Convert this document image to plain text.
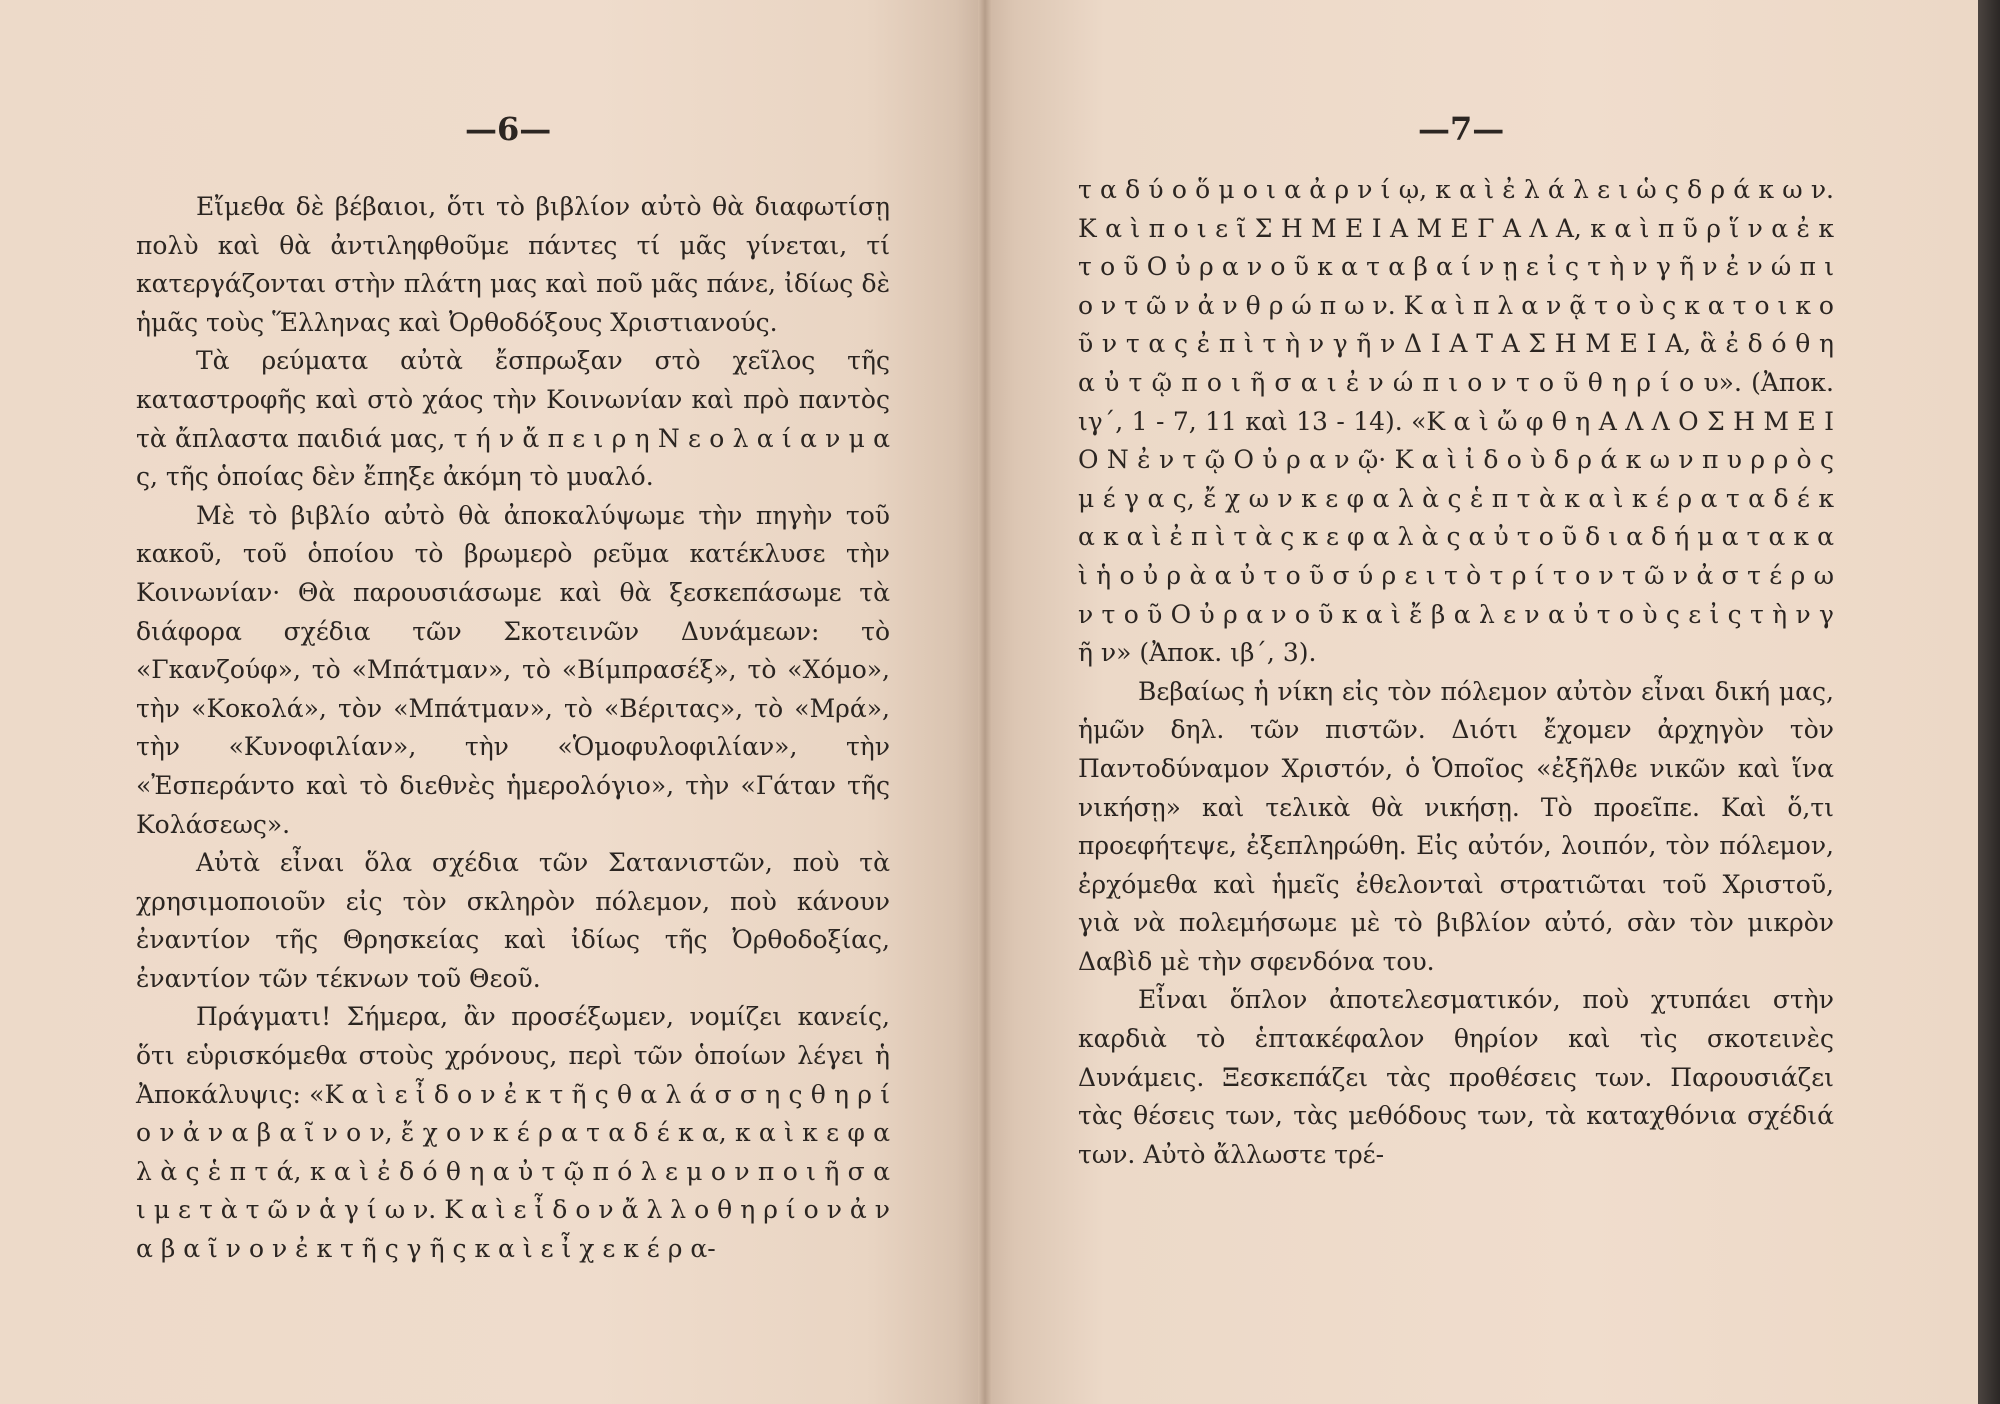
—6—

Εἴμεθα δὲ βέβαιοι, ὅτι τὸ βιβλίον αὐτὸ θὰ διαφωτίσῃ πολὺ καὶ θὰ ἀντιληφθοῦμε πάντες τί μᾶς γίνεται, τί κατεργάζονται στὴν πλάτη μας καὶ ποῦ μᾶς πάνε, ἰδίως δὲ ἡμᾶς τοὺς Ἕλληνας καὶ Ὀρθοδόξους Χριστιανούς.

Τὰ ρεύματα αὐτὰ ἔσπρωξαν στὸ χεῖλος τῆς καταστροφῆς καὶ στὸ χάος τὴν Κοινωνίαν καὶ πρὸ παντὸς τὰ ἄπλαστα παιδιά μας, τ ή ν ἄ π ε ι ρ η Ν ε ο λ α ί α ν μ α ς, τῆς ὁποίας δὲν ἔπηξε ἀκόμη τὸ μυαλό.

Μὲ τὸ βιβλίο αὐτὸ θὰ ἀποκαλύψωμε τὴν πηγὴν τοῦ κακοῦ, τοῦ ὁποίου τὸ βρωμερὸ ρεῦμα κατέκλυσε τὴν Κοινωνίαν· Θὰ παρουσιάσωμε καὶ θὰ ξεσκεπάσωμε τὰ διάφορα σχέδια τῶν Σκοτεινῶν Δυνάμεων: τὸ «Γκανζούφ», τὸ «Μπάτμαν», τὸ «Βίμπρασέξ», τὸ «Χόμο», τὴν «Κοκολά», τὸν «Μπάτμαν», τὸ «Βέριτας», τὸ «Μρά», τὴν «Κυνοφιλίαν», τὴν «Ὁμοφυλοφιλίαν», τὴν «Ἐσπεράντο καὶ τὸ διεθνὲς ἡμερολόγιο», τὴν «Γάταν τῆς Κολάσεως».

Αὐτὰ εἶναι ὅλα σχέδια τῶν Σατανιστῶν, ποὺ τὰ χρησιμοποιοῦν εἰς τὸν σκληρὸν πόλεμον, ποὺ κάνουν ἐναντίον τῆς Θρησκείας καὶ ἰδίως τῆς Ὀρθοδοξίας, ἐναντίον τῶν τέκνων τοῦ Θεοῦ.

Πράγματι! Σήμερα, ἂν προσέξωμεν, νομίζει κανείς, ὅτι εὑρισκόμεθα στοὺς χρόνους, περὶ τῶν ὁποίων λέγει ἡ Ἀποκάλυψις: «Κ α ὶ ε ἶ δ ο ν ἐ κ τ ῆ ς θ α λ ά σ σ η ς θ η ρ ί ο ν ἀ ν α β α ῖ ν ο ν, ἔ χ ο ν κ έ ρ α τ α δ έ κ α, κ α ὶ κ ε φ α λ ὰ ς ἑ π τ ά, κ α ὶ ἐ δ ό θ η α ὐ τ ῷ π ό λ ε μ ο ν π ο ι ῆ σ α ι μ ε τ ὰ τ ῶ ν ἁ γ ί ω ν. Κ α ὶ ε ἶ δ ο ν ἄ λ λ ο θ η ρ ί ο ν ἀ ν α β α ῖ ν ο ν ἐ κ τ ῆ ς γ ῆ ς κ α ὶ ε ἶ χ ε κ έ ρ α-

—7—

τ α δ ύ ο ὅ μ ο ι α ἀ ρ ν ί ῳ, κ α ὶ ἐ λ ά λ ε ι ὡ ς δ ρ ά κ ω ν. Κ α ὶ π ο ι ε ῖ Σ Η Μ Ε Ι Α Μ Ε Γ Α Λ Α, κ α ὶ π ῦ ρ ἵ ν α ἐ κ τ ο ῦ Ο ὐ ρ α ν ο ῦ κ α τ α β α ί ν ῃ ε ἰ ς τ ὴ ν γ ῆ ν ἐ ν ώ π ι ο ν τ ῶ ν ἀ ν θ ρ ώ π ω ν. Κ α ὶ π λ α ν ᾷ τ ο ὺ ς κ α τ ο ι κ ο ῦ ν τ α ς ἐ π ὶ τ ὴ ν γ ῆ ν Δ Ι Α Τ Α Σ Η Μ Ε Ι Α, ἃ ἐ δ ό θ η α ὐ τ ῷ π ο ι ῆ σ α ι ἐ ν ώ π ι ο ν τ ο ῦ θ η ρ ί ο υ». (Ἀποκ. ιγ΄, 1 - 7, 11 καὶ 13 - 14). «Κ α ὶ ὤ φ θ η Α Λ Λ Ο Σ Η Μ Ε Ι Ο Ν ἐ ν τ ῷ Ο ὐ ρ α ν ῷ· Κ α ὶ ἰ δ ο ὺ δ ρ ά κ ω ν π υ ρ ρ ὸ ς μ έ γ α ς, ἔ χ ω ν κ ε φ α λ ὰ ς ἑ π τ ὰ κ α ὶ κ έ ρ α τ α δ έ κ α κ α ὶ ἐ π ὶ τ ὰ ς κ ε φ α λ ὰ ς α ὐ τ ο ῦ δ ι α δ ή μ α τ α κ α ὶ ἡ ο ὐ ρ ὰ α ὐ τ ο ῦ σ ύ ρ ε ι τ ὸ τ ρ ί τ ο ν τ ῶ ν ἀ σ τ έ ρ ω ν τ ο ῦ Ο ὐ ρ α ν ο ῦ κ α ὶ ἔ β α λ ε ν α ὐ τ ο ὺ ς ε ἰ ς τ ὴ ν γ ῆ ν» (Ἀποκ. ιβ΄, 3).

Βεβαίως ἡ νίκη εἰς τὸν πόλεμον αὐτὸν εἶναι δική μας, ἡμῶν δηλ. τῶν πιστῶν. Διότι ἔχομεν ἀρχηγὸν τὸν Παντοδύναμον Χριστόν, ὁ Ὁποῖος «ἐξῆλθε νικῶν καὶ ἵνα νικήσῃ» καὶ τελικὰ θὰ νικήσῃ. Τὸ προεῖπε. Καὶ ὅ,τι προεφήτεψε, ἐξεπληρώθη. Εἰς αὐτόν, λοιπόν, τὸν πόλεμον, ἐρχόμεθα καὶ ἡμεῖς ἐθελονταὶ στρατιῶται τοῦ Χριστοῦ, γιὰ νὰ πολεμήσωμε μὲ τὸ βιβλίον αὐτό, σὰν τὸν μικρὸν Δαβὶδ μὲ τὴν σφενδόνα του.

Εἶναι ὅπλον ἀποτελεσματικόν, ποὺ χτυπάει στὴν καρδιὰ τὸ ἑπτακέφαλον θηρίον καὶ τὶς σκοτεινὲς Δυνάμεις. Ξεσκεπάζει τὰς προθέσεις των. Παρουσιάζει τὰς θέσεις των, τὰς μεθόδους των, τὰ καταχθόνια σχέδιά των. Αὐτὸ ἄλλωστε τρέ-
